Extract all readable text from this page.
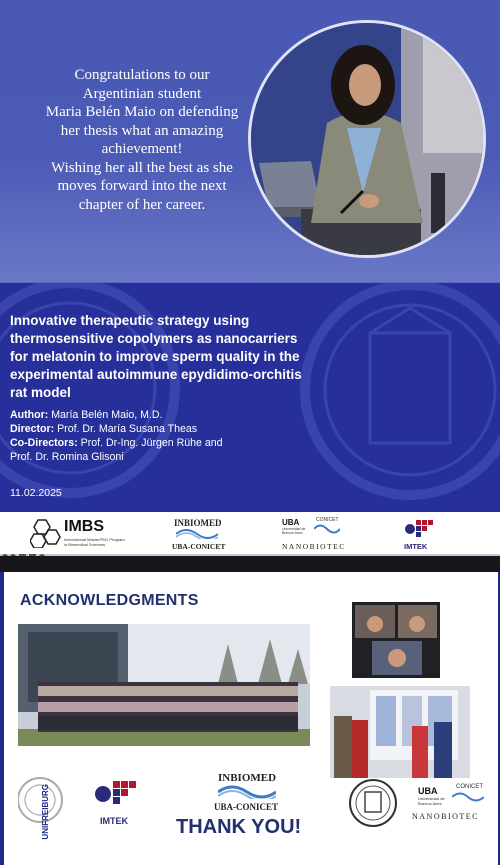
Congratulations to our

Argentinian student

Maria Belén Maio on defending

her thesis what an amazing

achievement!

Wishing her all the best as she

moves forward into the next

chapter of her career.

Innovative therapeutic strategy using
thermosensitive copolymers as nanocarriers
for melatonin to improve sperm quality in the
experimental autoimmune epydidimo-orchitis
rat model
Author: María Belén Maio, M.D.
Director: Prof. Dr. María Susana Theas
Co-Directors: Prof. Dr-Ing. Jürgen Rühe and
Prof. Dr. Romina Glisoni
11.02.2025
IMBS
International Master/PhD Program
in Biomedical Sciences
INBIOMED
UBA-CONICET
UBA
Universidad de Buenos Aires
CONICET
NANOBIOTEC	IMTEK
ACKNOWLEDGMENTS
UNIFREIBURG	IMTEK
INBIOMED
UBA-CONICET
THANK YOU!
UBA
Universidad de Buenos Aires
CONICET
NANOBIOTEC
